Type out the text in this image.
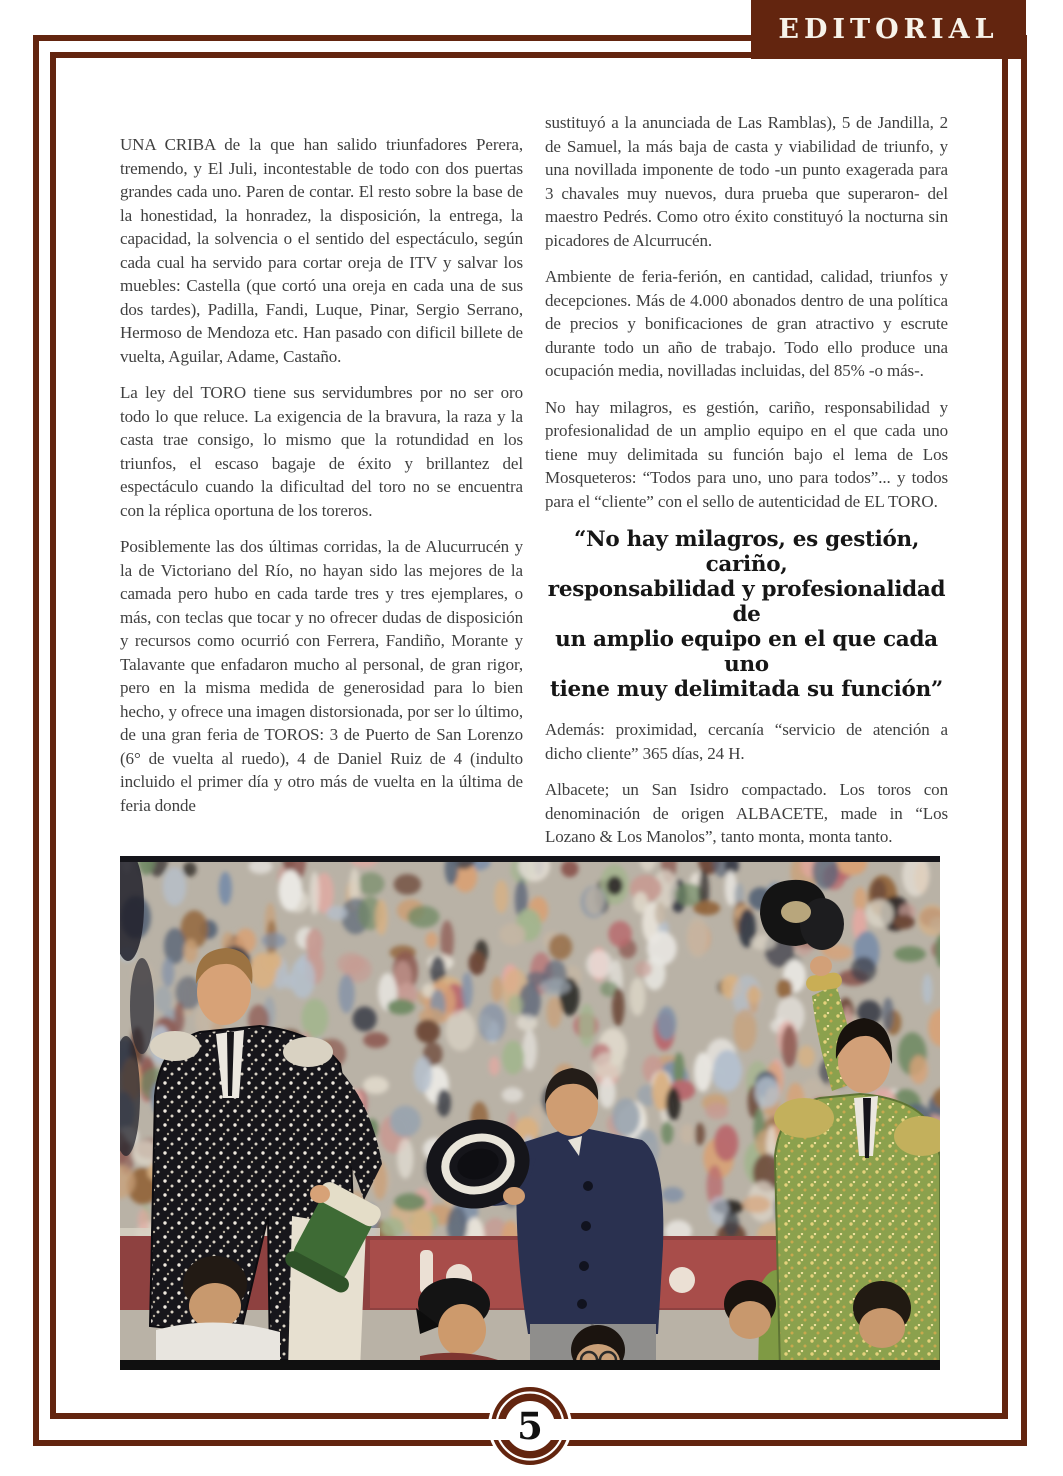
EDITORIAL

UNA CRIBA de la que han salido triunfadores Perera, tremendo, y El Juli, incontestable de todo con dos puertas grandes cada uno. Paren de contar. El resto sobre la base de la honestidad, la honradez, la disposición, la entrega, la capacidad, la solvencia o el sentido del espectáculo, según cada cual ha servido para cortar oreja de ITV y salvar los muebles: Castella (que cortó una oreja en cada una de sus dos tardes), Padilla, Fandi, Luque, Pinar, Sergio Serrano, Hermoso de Mendoza etc. Han pasado con dificil billete de vuelta, Aguilar, Adame, Castaño.

La ley del TORO tiene sus servidumbres por no ser oro todo lo que reluce. La exigencia de la bravura, la raza y la casta trae consigo, lo mismo que la rotundidad en los triunfos, el escaso bagaje de éxito y brillantez del espectáculo cuando la dificultad del toro no se encuentra con la réplica oportuna de los toreros.

Posiblemente las dos últimas corridas, la de Alucurrucén y la de Victoriano del Río, no hayan sido las mejores de la camada pero hubo en cada tarde tres y tres ejemplares, o más, con teclas que tocar y no ofrecer dudas de disposición y recursos como ocurrió con Ferrera, Fandiño, Morante y Talavante que enfadaron mucho al personal, de gran rigor, pero en la misma medida de generosidad para lo bien hecho, y ofrece una imagen distorsionada, por ser lo último, de una gran feria de TOROS: 3 de Puerto de San Lorenzo (6° de vuelta al ruedo), 4 de Daniel Ruiz de 4 (indulto incluido el primer día y otro más de vuelta en la última de feria donde

sustituyó a la anunciada de Las Ramblas), 5 de Jandilla, 2 de Samuel, la más baja de casta y viabilidad de triunfo, y una novillada imponente de todo -un punto exagerada para 3 chavales muy nuevos, dura prueba que superaron- del maestro Pedrés. Como otro éxito constituyó la nocturna sin picadores de Alcurrucén.

Ambiente de feria-ferión, en cantidad, calidad, triunfos y decepciones. Más de 4.000 abonados dentro de una política de precios y bonificaciones de gran atractivo y escrute durante todo un año de trabajo. Todo ello produce una ocupación media, novilladas incluidas, del 85% -o más-.

No hay milagros, es gestión, cariño, responsabilidad y profesionalidad de un amplio equipo en el que cada uno tiene muy delimitada su función bajo el lema de Los Mosqueteros: “Todos para uno, uno para todos”... y todos para el “cliente” con el sello de autenticidad de EL TORO.

“No hay milagros, es gestión, cariño,
responsabilidad y profesionalidad de
un amplio equipo en el que cada uno
tiene muy delimitada su función”

Además: proximidad, cercanía “servicio de atención a dicho cliente” 365 días, 24 H.

Albacete; un San Isidro compactado. Los toros con denominación de origen ALBACETE, made in “Los Lozano & Los Manolos”, tanto monta, monta tanto.

5
